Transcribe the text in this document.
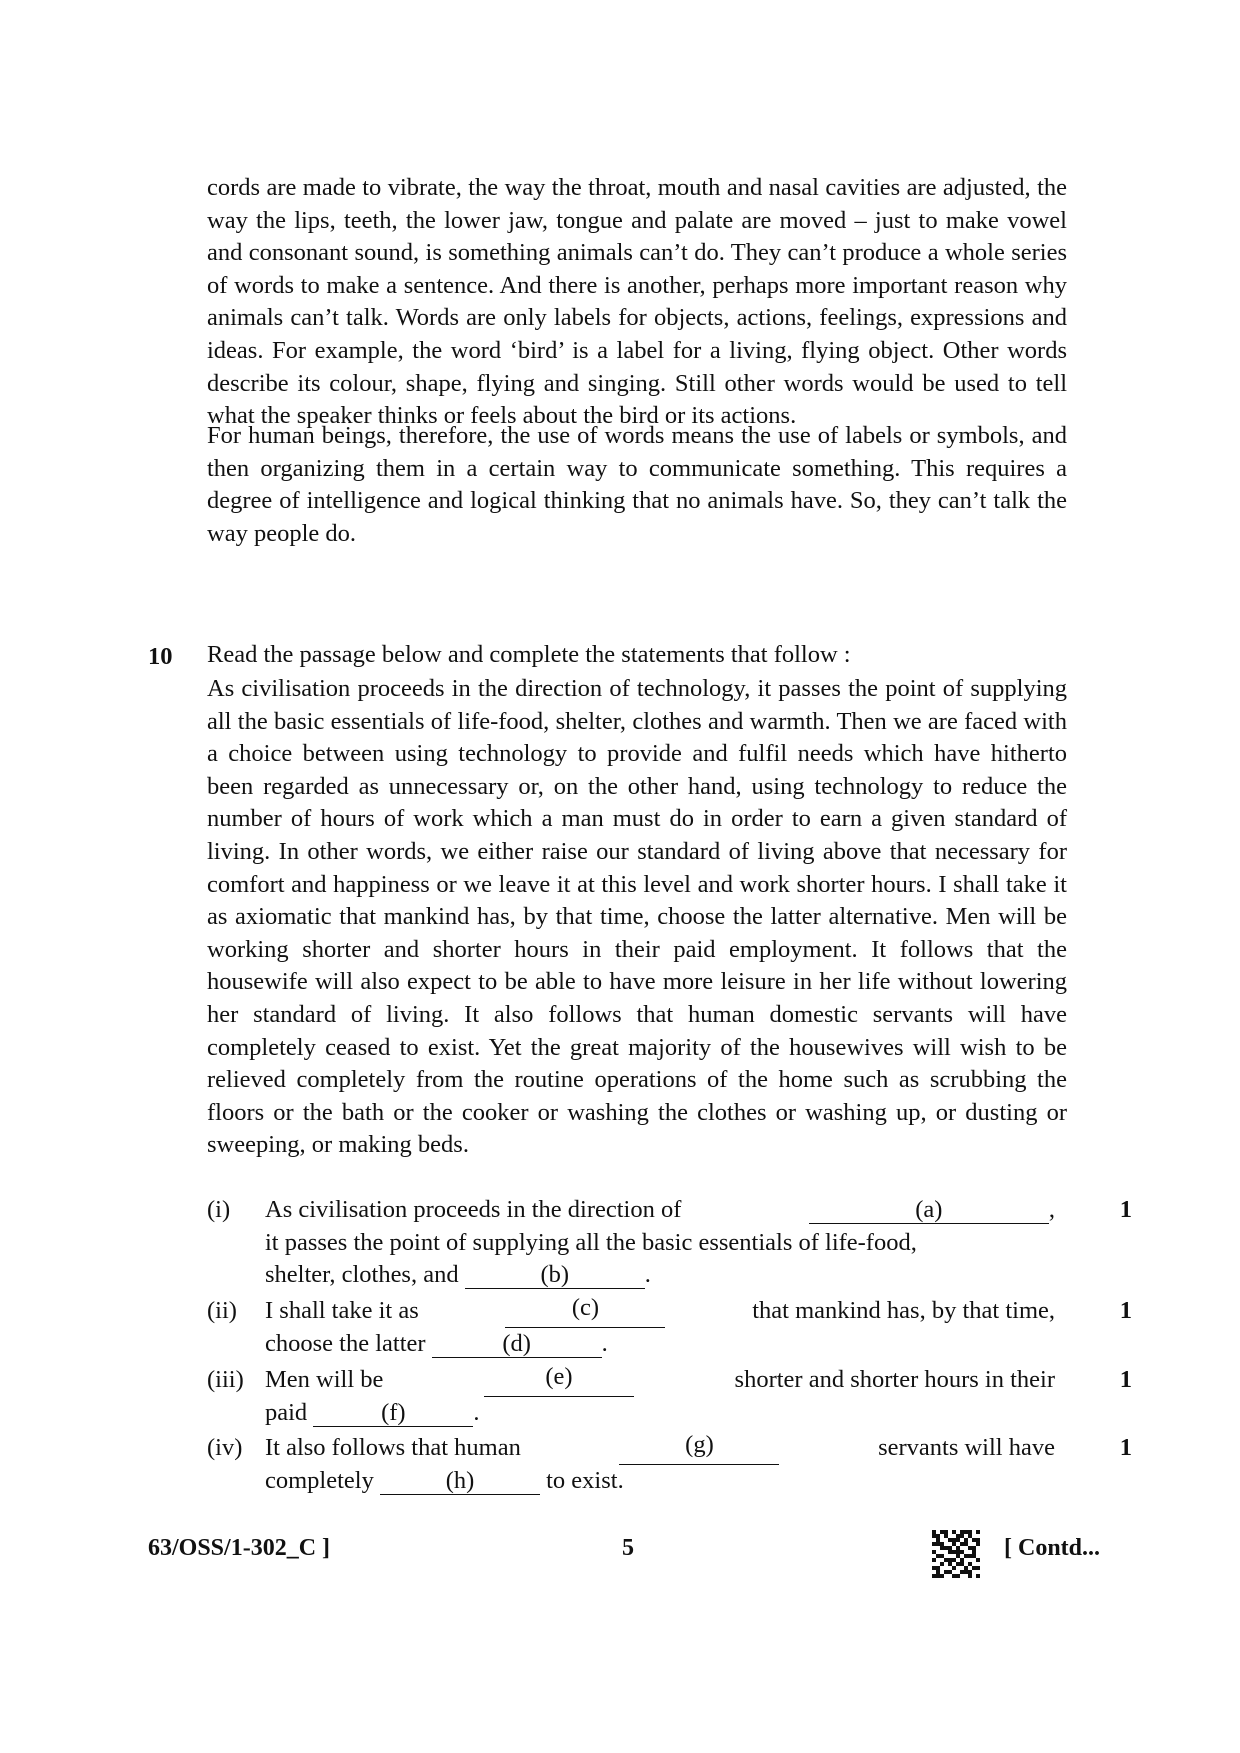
cords are made to vibrate, the way the throat, mouth and nasal cavities are adjusted, the way the lips, teeth, the lower jaw, tongue and palate are moved – just to make vowel and consonant sound, is something animals can’t do. They can’t produce a whole series of words to make a sentence. And there is another, perhaps more important reason why animals can’t talk. Words are only labels for objects, actions, feelings, expressions and ideas. For example, the word ‘bird’ is a label for a living, flying object. Other words describe its colour, shape, flying and singing. Still other words would be used to tell what the speaker thinks or feels about the bird or its actions.

For human beings, therefore, the use of words means the use of labels or symbols, and then organizing them in a certain way to communicate something. This requires a degree of intelligence and logical thinking that no animals have. So, they can’t talk the way people do.

10 Read the passage below and complete the statements that follow :

As civilisation proceeds in the direction of technology, it passes the point of supplying all the basic essentials of life-food, shelter, clothes and warmth. Then we are faced with a choice between using technology to provide and fulfil needs which have hitherto been regarded as unnecessary or, on the other hand, using technology to reduce the number of hours of work which a man must do in order to earn a given standard of living. In other words, we either raise our standard of living above that necessary for comfort and happiness or we leave it at this level and work shorter hours. I shall take it as axiomatic that mankind has, by that time, choose the latter alternative. Men will be working shorter and shorter hours in their paid employment. It follows that the housewife will also expect to be able to have more leisure in her life without lowering her standard of living. It also follows that human domestic servants will have completely ceased to exist. Yet the great majority of the housewives will wish to be relieved completely from the routine operations of the home such as scrubbing the floors or the bath or the cooker or washing the clothes or washing up, or dusting or sweeping, or making beds.

(i) As civilisation proceeds in the direction of	(a)	,
it passes the point of supplying all the basic essentials of life-food,
shelter, clothes, and	(b)	.
1
(ii) I shall take it as	(c)	that mankind has, by that time,
choose the latter	(d)	.
1
(iii) Men will be	(e)	shorter and shorter hours in their
paid	(f)	.
1
(iv) It also follows that human	(g)	servants will have
completely	(h)	to exist.
1
63/OSS/1-302_C ]	5	[ Contd...
